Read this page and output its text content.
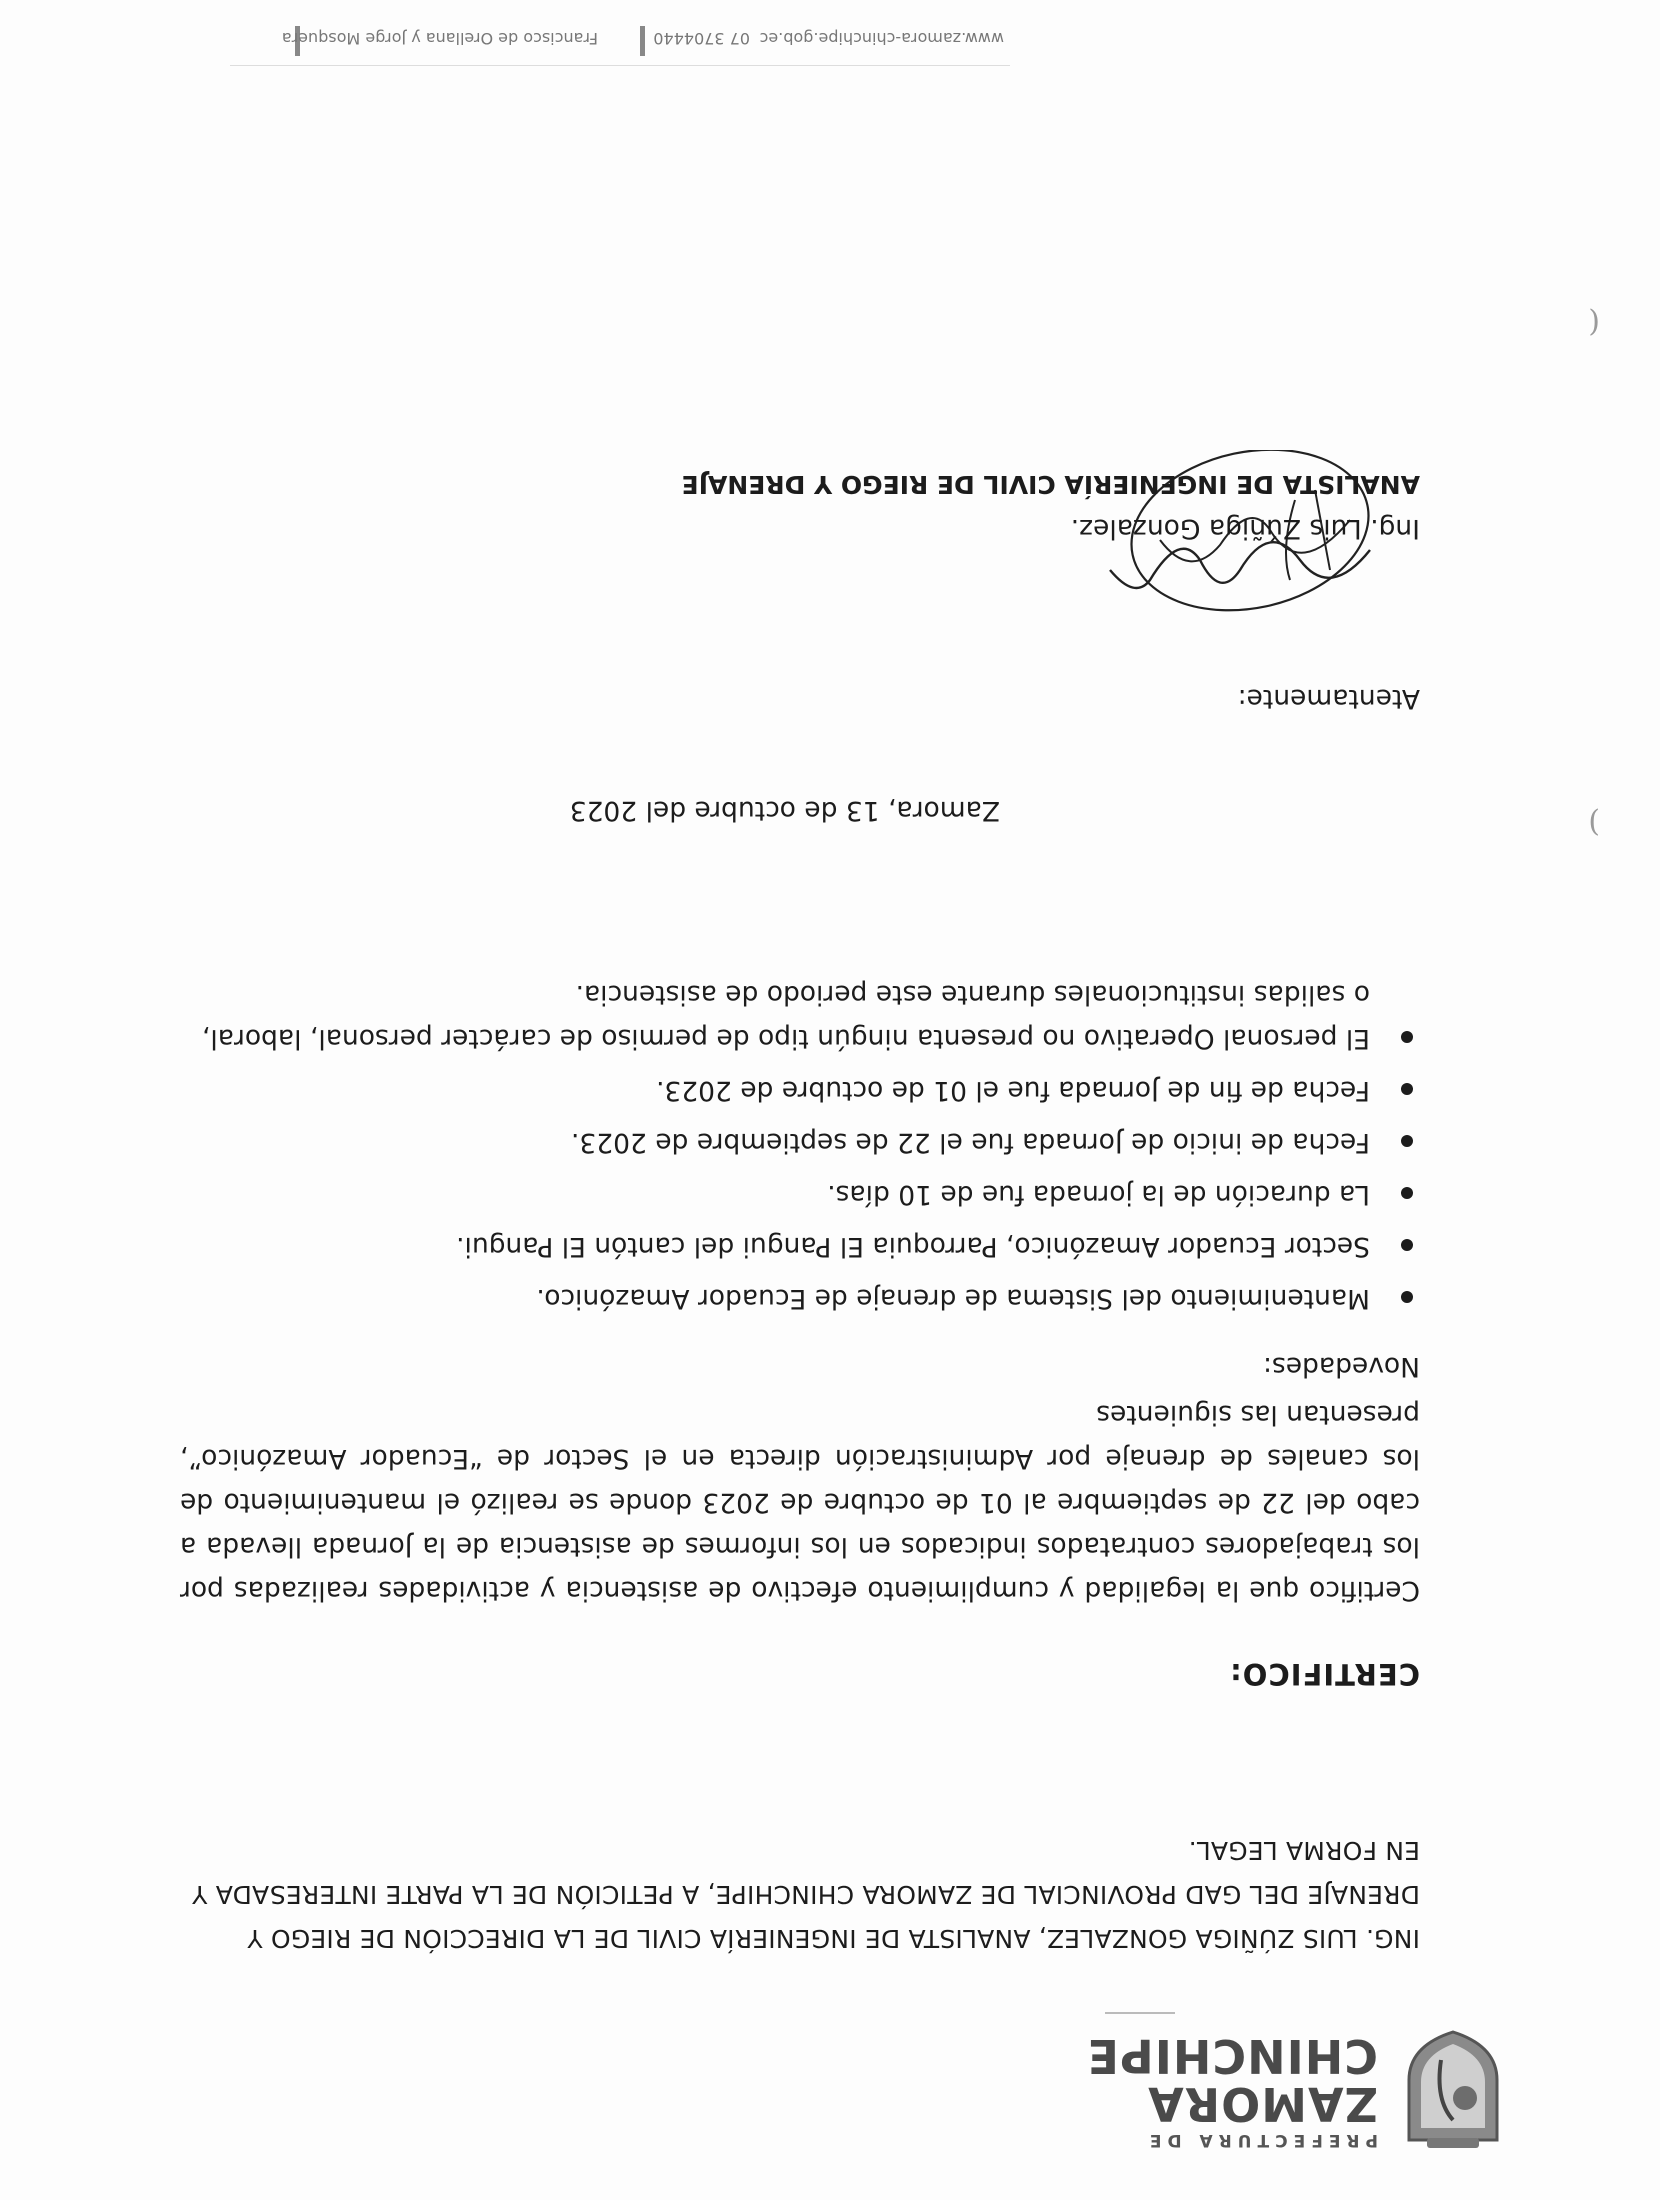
PREFECTURA DE
ZAMORA
CHINCHIPE
ING. LUIS ZÚÑIGA GONZALEZ, ANALISTA DE INGENIERÍA CIVIL DE LA DIRECCIÓN DE RIEGO Y DRENAJE DEL GAD PROVINCIAL DE ZAMORA CHINCHIPE, A PETICIÓN DE LA PARTE INTERESADA Y EN FORMA LEGAL.
CERTIFICO:
Certifico que la legalidad y cumplimiento efectivo de asistencia y actividades realizadas por los trabajadores contratados indicados en los informes de asistencia de la Jornada llevada a cabo del 22 de septiembre al 01 de octubre de 2023 donde se realizó el mantenimiento de los canales de drenaje por Administración directa en el Sector de “Ecuador Amazónico”, presentan las siguientes
Novedades:
Mantenimiento del Sistema de drenaje de Ecuador Amazónico.
Sector Ecuador Amazónico, Parroquia El Pangui del cantón El Pangui.
La duración de la jornada fue de 10 días.
Fecha de inicio de Jornada fue el 22 de septiembre de 2023.
Fecha de fin de Jornada fue el 01 de octubre de 2023.
El personal Operativo no presenta ningún tipo de permiso de carácter personal, laboral, o salidas institucionales durante este periodo de asistencia.
Zamora, 13 de octubre del 2023
Atentamente:
Ing. Luis Zúñiga Gonzalez.
ANALISTA DE INGENIERÍA CIVIL DE RIEGO Y DRENAJE
)
(
www.zamora-chinchipe.gob.ec
07 3704440
Francisco de Orellana y Jorge Mosquera
